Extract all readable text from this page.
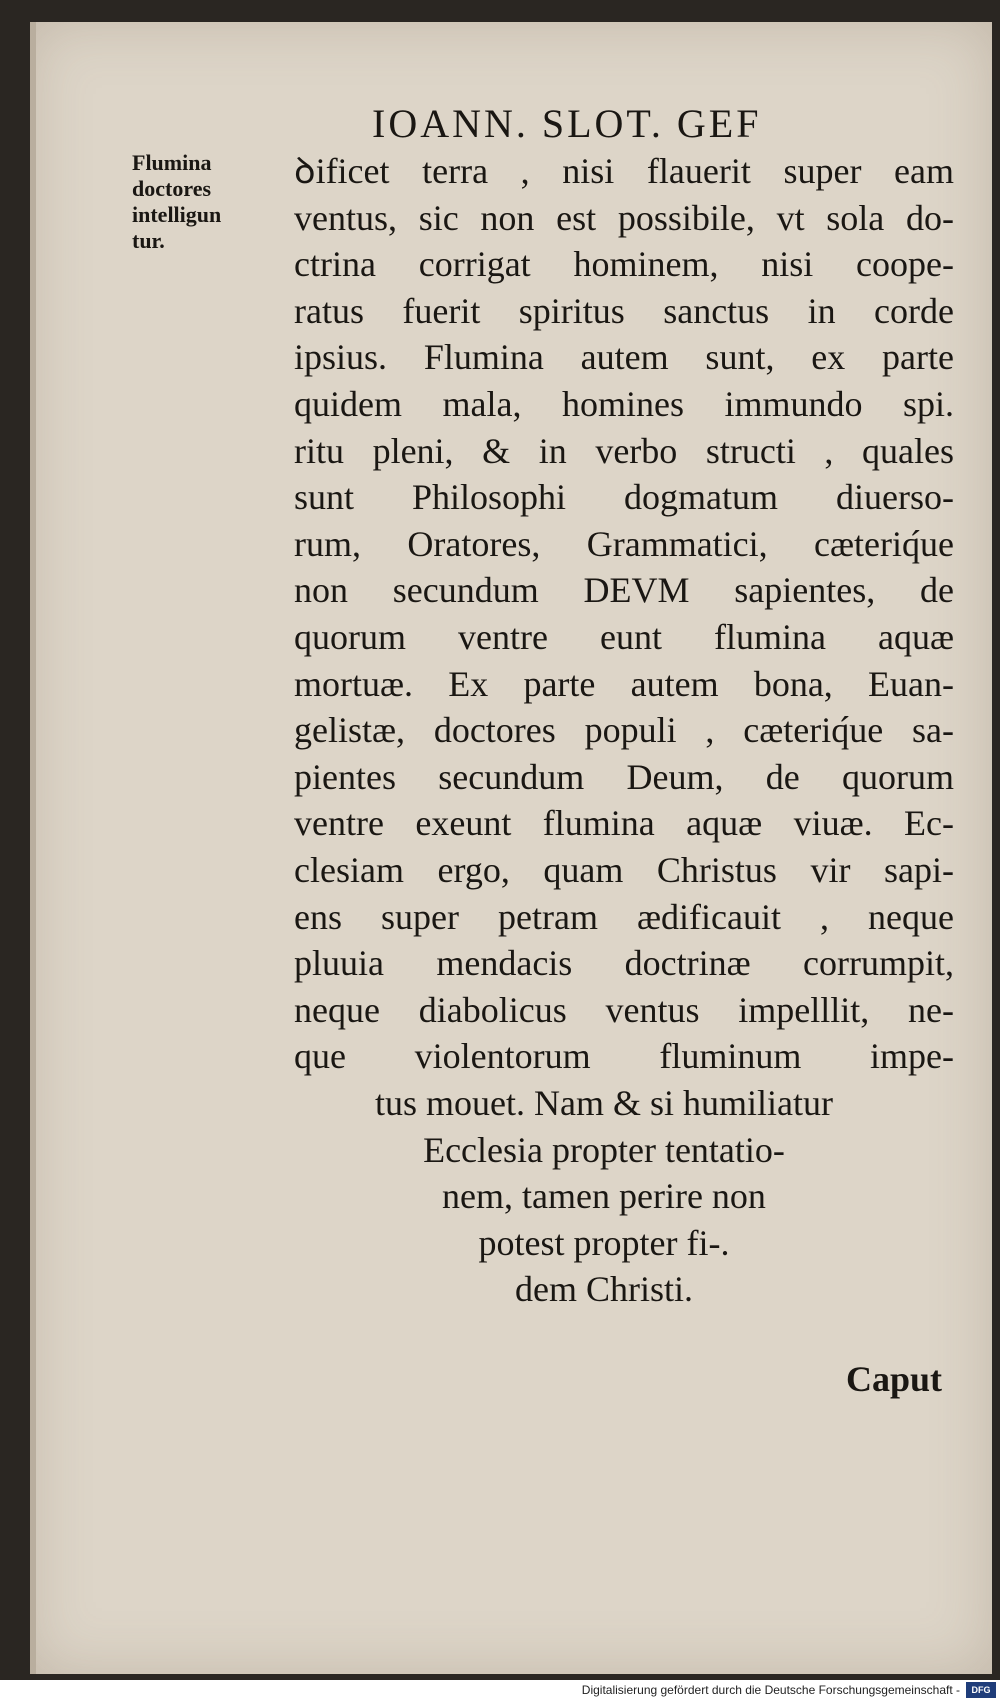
IOANN. SLOT. GEF
Flumina
doctores
intelligun
tur.
ꝺificet terra , nisi flauerit super eam
ventus, sic non est possibile, vt sola do-
ctrina corrigat hominem, nisi coope-
ratus fuerit spiritus sanctus in corde
ipsius. Flumina autem sunt, ex parte
quidem mala, homines immundo spi.
ritu pleni, & in verbo structi , quales
sunt Philosophi dogmatum diuerso-
rum, Oratores, Grammatici, cæteriq́ue
non secundum DEVM sapientes, de
quorum ventre eunt flumina aquæ
mortuæ. Ex parte autem bona, Euan-
gelistæ, doctores populi , cæteriq́ue sa-
pientes secundum Deum, de quorum
ventre exeunt flumina aquæ viuæ. Ec-
clesiam ergo, quam Christus vir sapi-
ens super petram ædificauit , neque
pluuia mendacis doctrinæ corrumpit,
neque diabolicus ventus impelllit, ne-
que violentorum fluminum impe-
tus mouet. Nam & si humiliatur
Ecclesia propter tentatio-
nem, tamen perire non
potest propter fi-.
dem Christi.
Caput
Digitalisierung gefördert durch die Deutsche Forschungsgemeinschaft -	DFG
